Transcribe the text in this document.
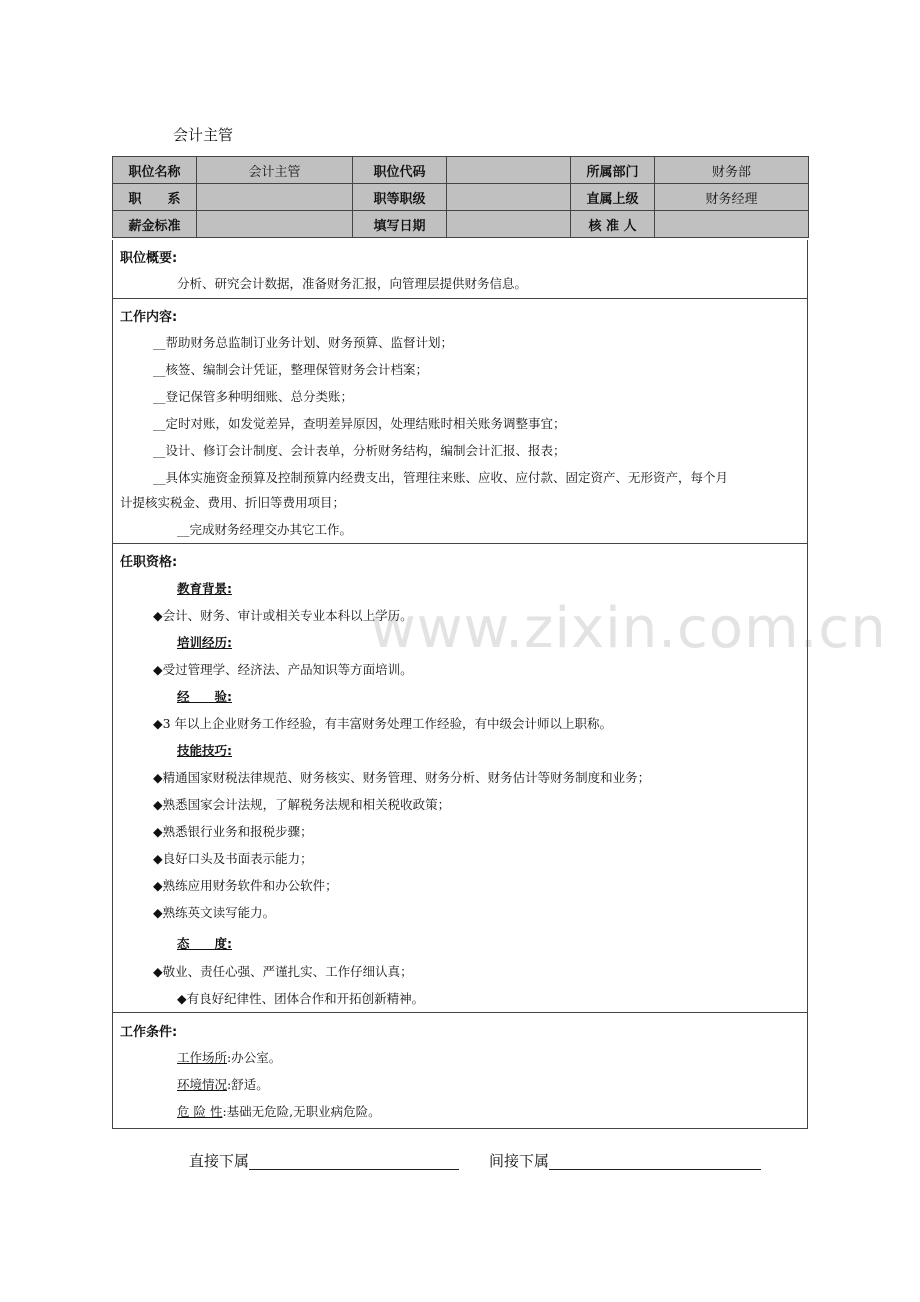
会计主管
www.zixin.com.cn
职位名称	会计主管	职位代码		所属部门	财务部
职　　系		职等职级		直属上级	财务经理
薪金标准		填写日期		核 准 人	
职位概要:
分析、研究会计数据，准备财务汇报，向管理层提供财务信息。
工作内容:
__帮助财务总监制订业务计划、财务预算、监督计划；
__核签、编制会计凭证，整理保管财务会计档案；
__登记保管多种明细账、总分类账；
__定时对账，如发觉差异，查明差异原因，处理结账时相关账务调整事宜；
__设计、修订会计制度、会计表单，分析财务结构，编制会计汇报、报表；
__具体实施资金预算及控制预算内经费支出，管理往来账、应收、应付款、固定资产、无形资产，每个月
计提核实税金、费用、折旧等费用项目；
__完成财务经理交办其它工作。
任职资格:
教育背景:
◆会计、财务、审计或相关专业本科以上学历。
培训经历:
◆受过管理学、经济法、产品知识等方面培训。
经　　验:
◆3 年以上企业财务工作经验，有丰富财务处理工作经验，有中级会计师以上职称。
技能技巧:
◆精通国家财税法律规范、财务核实、财务管理、财务分析、财务估计等财务制度和业务；
◆熟悉国家会计法规，了解税务法规和相关税收政策；
◆熟悉银行业务和报税步骤；
◆良好口头及书面表示能力；
◆熟练应用财务软件和办公软件；
◆熟练英文读写能力。
态　　度:
◆敬业、责任心强、严谨扎实、工作仔细认真；
◆有良好纪律性、团体合作和开拓创新精神。
工作条件:
工作场所:办公室。
环境情况:舒适。
危 险 性:基础无危险,无职业病危险。
直接下属	间接下属
